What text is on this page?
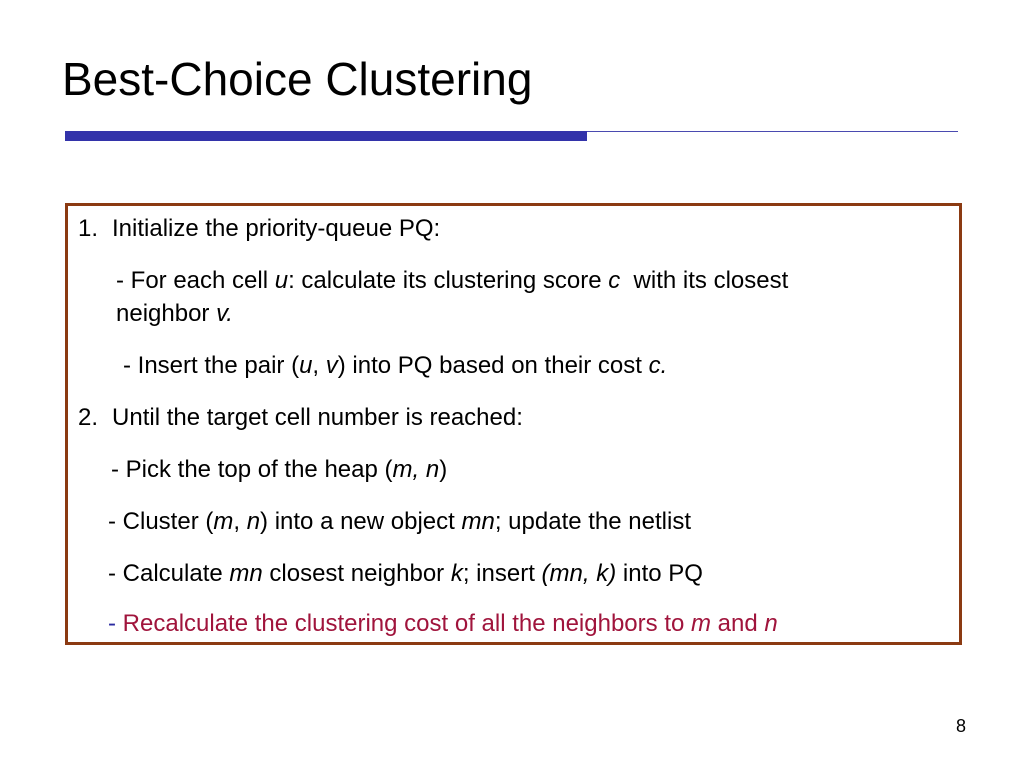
Best-Choice Clustering
1. Initialize the priority-queue PQ:
- For each cell u: calculate its clustering score c  with its closest
neighbor v.
- Insert the pair (u, v) into PQ based on their cost c.
2. Until the target cell number is reached:
- Pick the top of the heap (m, n)
- Cluster (m, n) into a new object mn; update the netlist
- Calculate mn closest neighbor k; insert (mn, k) into PQ
- Recalculate the clustering cost of all the neighbors to m and n
8
